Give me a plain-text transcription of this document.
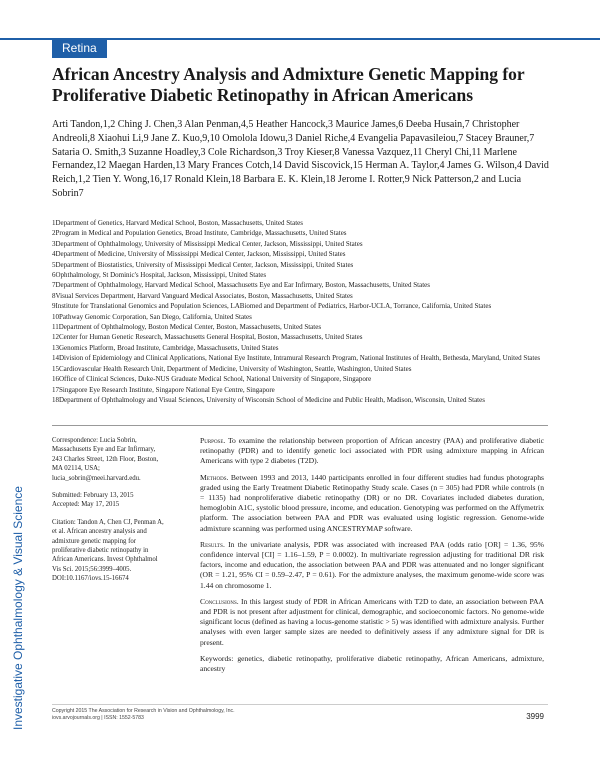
Retina
Investigative Ophthalmology & Visual Science
African Ancestry Analysis and Admixture Genetic Mapping for Proliferative Diabetic Retinopathy in African Americans
Arti Tandon,1,2 Ching J. Chen,3 Alan Penman,4,5 Heather Hancock,3 Maurice James,6 Deeba Husain,7 Christopher Andreoli,8 Xiaohui Li,9 Jane Z. Kuo,9,10 Omolola Idowu,3 Daniel Riche,4 Evangelia Papavasileiou,7 Stacey Brauner,7 Sataria O. Smith,3 Suzanne Hoadley,3 Cole Richardson,3 Troy Kieser,8 Vanessa Vazquez,11 Cheryl Chi,11 Marlene Fernandez,12 Maegan Harden,13 Mary Frances Cotch,14 David Siscovick,15 Herman A. Taylor,4 James G. Wilson,4 David Reich,1,2 Tien Y. Wong,16,17 Ronald Klein,18 Barbara E. K. Klein,18 Jerome I. Rotter,9 Nick Patterson,2 and Lucia Sobrin7
1Department of Genetics, Harvard Medical School, Boston, Massachusetts, United States
2Program in Medical and Population Genetics, Broad Institute, Cambridge, Massachusetts, United States
3Department of Ophthalmology, University of Mississippi Medical Center, Jackson, Mississippi, United States
4Department of Medicine, University of Mississippi Medical Center, Jackson, Mississippi, United States
5Department of Biostatistics, University of Mississippi Medical Center, Jackson, Mississippi, United States
6Ophthalmology, St Dominic's Hospital, Jackson, Mississippi, United States
7Department of Ophthalmology, Harvard Medical School, Massachusetts Eye and Ear Infirmary, Boston, Massachusetts, United States
8Visual Services Department, Harvard Vanguard Medical Associates, Boston, Massachusetts, United States
9Institute for Translational Genomics and Population Sciences, LABiomed and Department of Pediatrics, Harbor-UCLA, Torrance, California, United States
10Pathway Genomic Corporation, San Diego, California, United States
11Department of Ophthalmology, Boston Medical Center, Boston, Massachusetts, United States
12Center for Human Genetic Research, Massachusetts General Hospital, Boston, Massachusetts, United States
13Genomics Platform, Broad Institute, Cambridge, Massachusetts, United States
14Division of Epidemiology and Clinical Applications, National Eye Institute, Intramural Research Program, National Institutes of Health, Bethesda, Maryland, United States
15Cardiovascular Health Research Unit, Department of Medicine, University of Washington, Seattle, Washington, United States
16Office of Clinical Sciences, Duke-NUS Graduate Medical School, National University of Singapore, Singapore
17Singapore Eye Research Institute, Singapore National Eye Centre, Singapore
18Department of Ophthalmology and Visual Sciences, University of Wisconsin School of Medicine and Public Health, Madison, Wisconsin, United States

Correspondence: Lucia Sobrin, Massachusetts Eye and Ear Infirmary, 243 Charles Street, 12th Floor, Boston, MA 02114, USA; lucia_sobrin@meei.harvard.edu.

Submitted: February 13, 2015
Accepted: May 17, 2015

Citation: Tandon A, Chen CJ, Penman A, et al. African ancestry analysis and admixture genetic mapping for proliferative diabetic retinopathy in African Americans. Invest Ophthalmol Vis Sci. 2015;56:3999–4005. DOI:10.1167/iovs.15-16674

Purpose. To examine the relationship between proportion of African ancestry (PAA) and proliferative diabetic retinopathy (PDR) and to identify genetic loci associated with PDR using admixture mapping in African Americans with type 2 diabetes (T2D).

Methods. Between 1993 and 2013, 1440 participants enrolled in four different studies had fundus photographs graded using the Early Treatment Diabetic Retinopathy Study scale. Cases (n = 305) had PDR while controls (n = 1135) had nonproliferative diabetic retinopathy (DR) or no DR. Covariates included diabetes duration, hemoglobin A1C, systolic blood pressure, income, and education. Genotyping was performed on the Affymetrix platform. The association between PAA and PDR was evaluated using logistic regression. Genome-wide admixture scanning was performed using ANCESTRYMAP software.

Results. In the univariate analysis, PDR was associated with increased PAA (odds ratio [OR] = 1.36, 95% confidence interval [CI] = 1.16–1.59, P = 0.0002). In multivariate regression adjusting for traditional DR risk factors, income and education, the association between PAA and PDR was attenuated and no longer significant (OR = 1.21, 95% CI = 0.59–2.47, P = 0.61). For the admixture analyses, the maximum genome-wide score was 1.44 on chromosome 1.

Conclusions. In this largest study of PDR in African Americans with T2D to date, an association between PAA and PDR is not present after adjustment for clinical, demographic, and socioeconomic factors. No genome-wide significant locus (defined as having a locus-genome statistic > 5) was identified with admixture analysis. Further analyses with even larger sample sizes are needed to definitively assess if any admixture signal for DR is present.

Keywords: genetics, diabetic retinopathy, proliferative diabetic retinopathy, African Americans, admixture, ancestry

Copyright 2015 The Association for Research in Vision and Ophthalmology, Inc.
iovs.arvojournals.org | ISSN: 1552-5783	3999
